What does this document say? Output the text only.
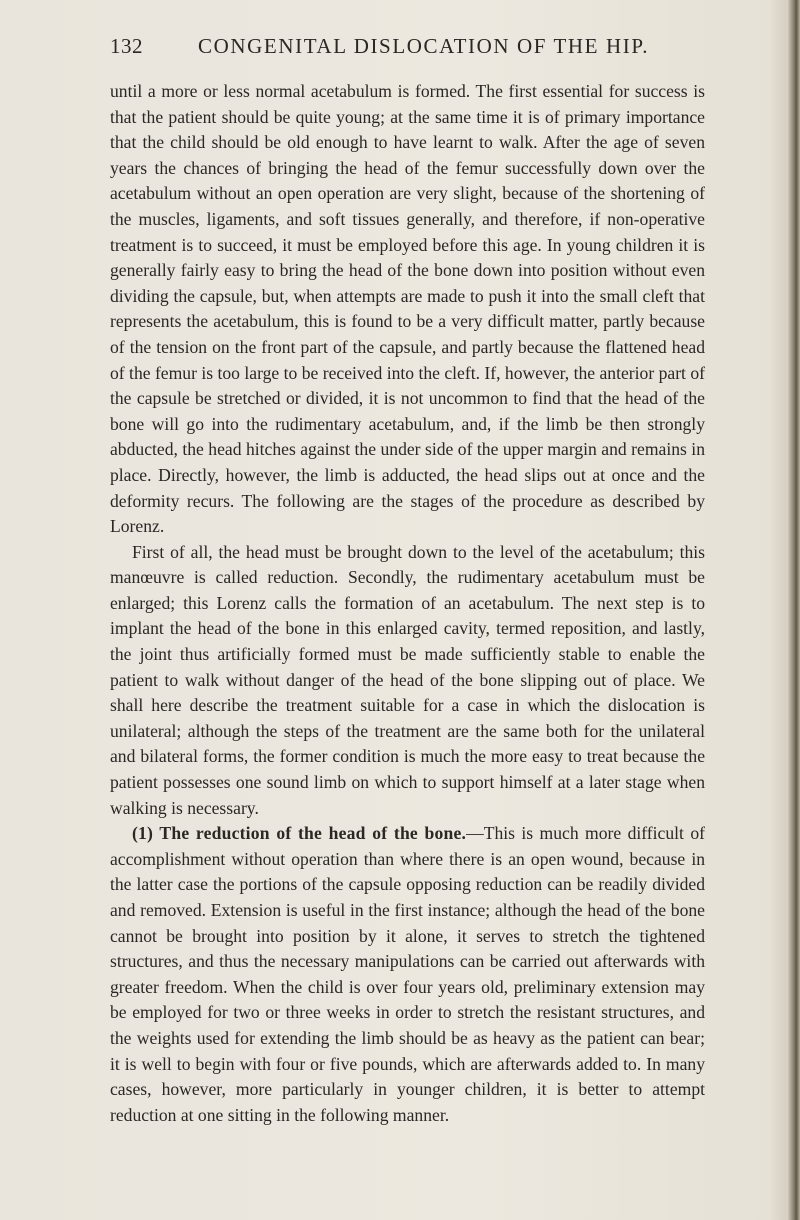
132	CONGENITAL DISLOCATION OF THE HIP.

until a more or less normal acetabulum is formed. The first essential for success is that the patient should be quite young; at the same time it is of primary importance that the child should be old enough to have learnt to walk. After the age of seven years the chances of bringing the head of the femur successfully down over the acetabulum without an open operation are very slight, because of the shortening of the muscles, ligaments, and soft tissues generally, and therefore, if non-operative treatment is to succeed, it must be employed before this age. In young children it is generally fairly easy to bring the head of the bone down into position without even dividing the capsule, but, when attempts are made to push it into the small cleft that represents the acetabulum, this is found to be a very difficult matter, partly because of the tension on the front part of the capsule, and partly because the flattened head of the femur is too large to be received into the cleft. If, however, the anterior part of the capsule be stretched or divided, it is not uncommon to find that the head of the bone will go into the rudimentary acetabulum, and, if the limb be then strongly abducted, the head hitches against the under side of the upper margin and remains in place. Directly, however, the limb is adducted, the head slips out at once and the deformity recurs. The following are the stages of the procedure as described by Lorenz.

First of all, the head must be brought down to the level of the acetabulum; this manœuvre is called reduction. Secondly, the rudimentary acetabulum must be enlarged; this Lorenz calls the formation of an acetabulum. The next step is to implant the head of the bone in this enlarged cavity, termed reposition, and lastly, the joint thus artificially formed must be made sufficiently stable to enable the patient to walk without danger of the head of the bone slipping out of place. We shall here describe the treatment suitable for a case in which the dislocation is unilateral; although the steps of the treatment are the same both for the unilateral and bilateral forms, the former condition is much the more easy to treat because the patient possesses one sound limb on which to support himself at a later stage when walking is necessary.

(1) The reduction of the head of the bone.—This is much more difficult of accomplishment without operation than where there is an open wound, because in the latter case the portions of the capsule opposing reduction can be readily divided and removed. Extension is useful in the first instance; although the head of the bone cannot be brought into position by it alone, it serves to stretch the tightened structures, and thus the necessary manipulations can be carried out afterwards with greater freedom. When the child is over four years old, preliminary extension may be employed for two or three weeks in order to stretch the resistant structures, and the weights used for extending the limb should be as heavy as the patient can bear; it is well to begin with four or five pounds, which are afterwards added to. In many cases, however, more particularly in younger children, it is better to attempt reduction at one sitting in the following manner.
